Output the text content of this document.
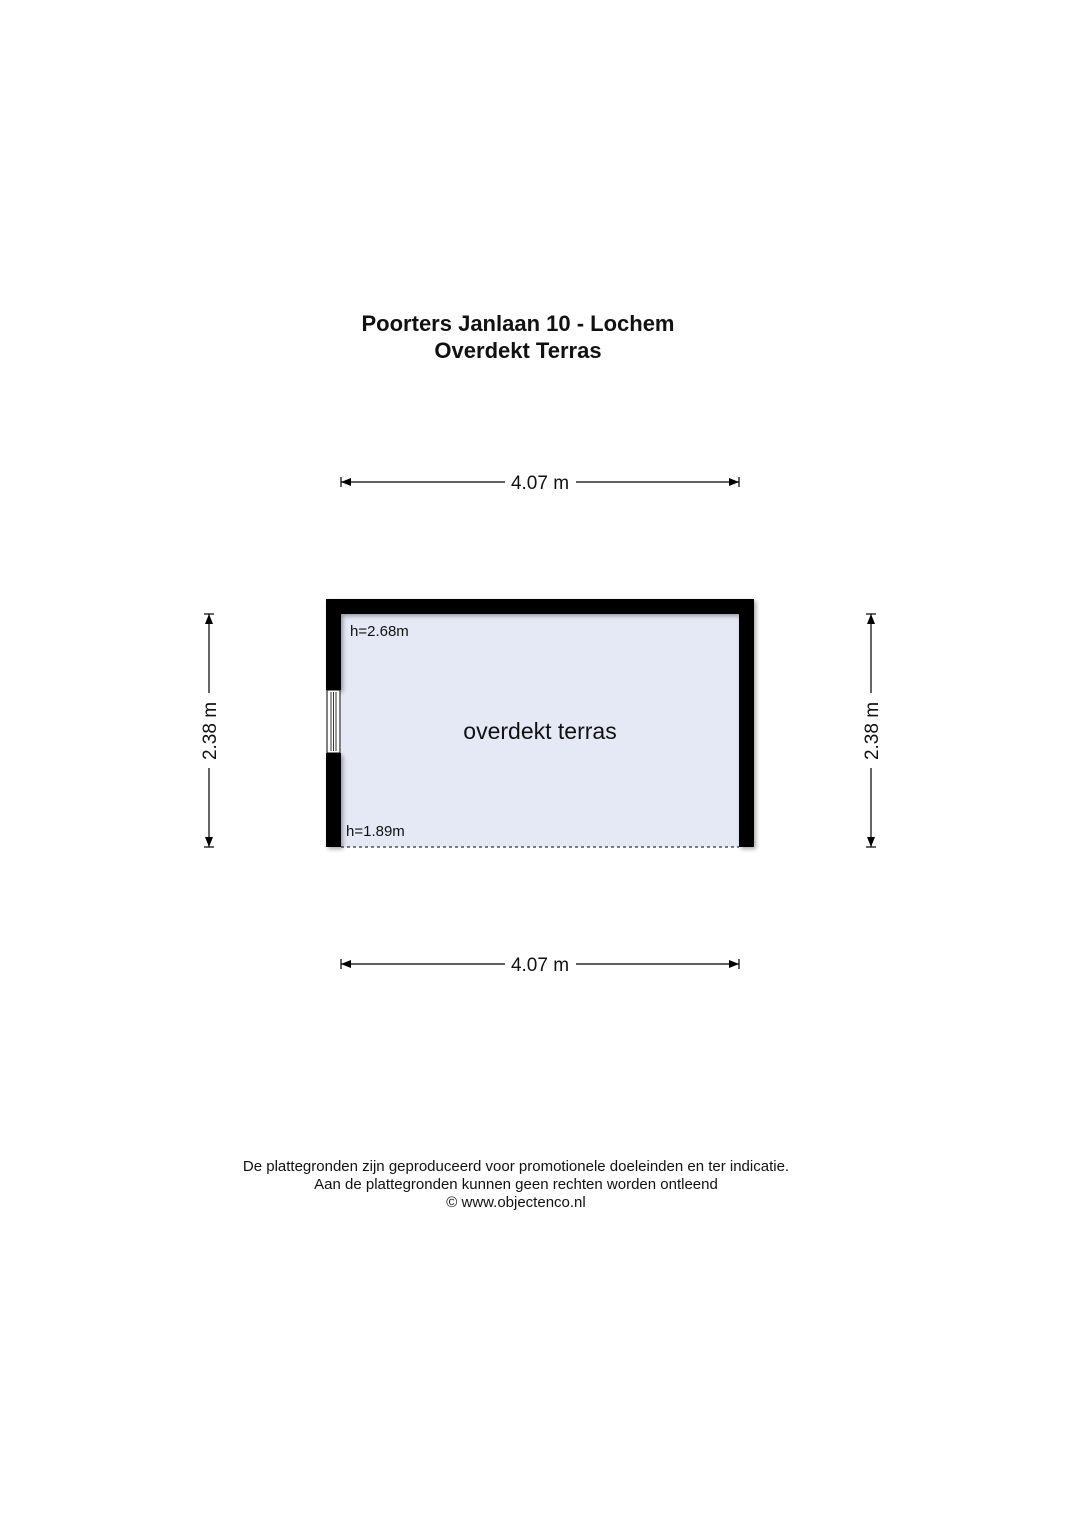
Poorters Janlaan 10 - Lochem
Overdekt Terras
4.07 m
4.07 m
2.38 m	2.38 m
h=2.68m
h=1.89m
overdekt terras
De plattegronden zijn geproduceerd voor promotionele doeleinden en ter indicatie.
Aan de plattegronden kunnen geen rechten worden ontleend
© www.objectenco.nl
